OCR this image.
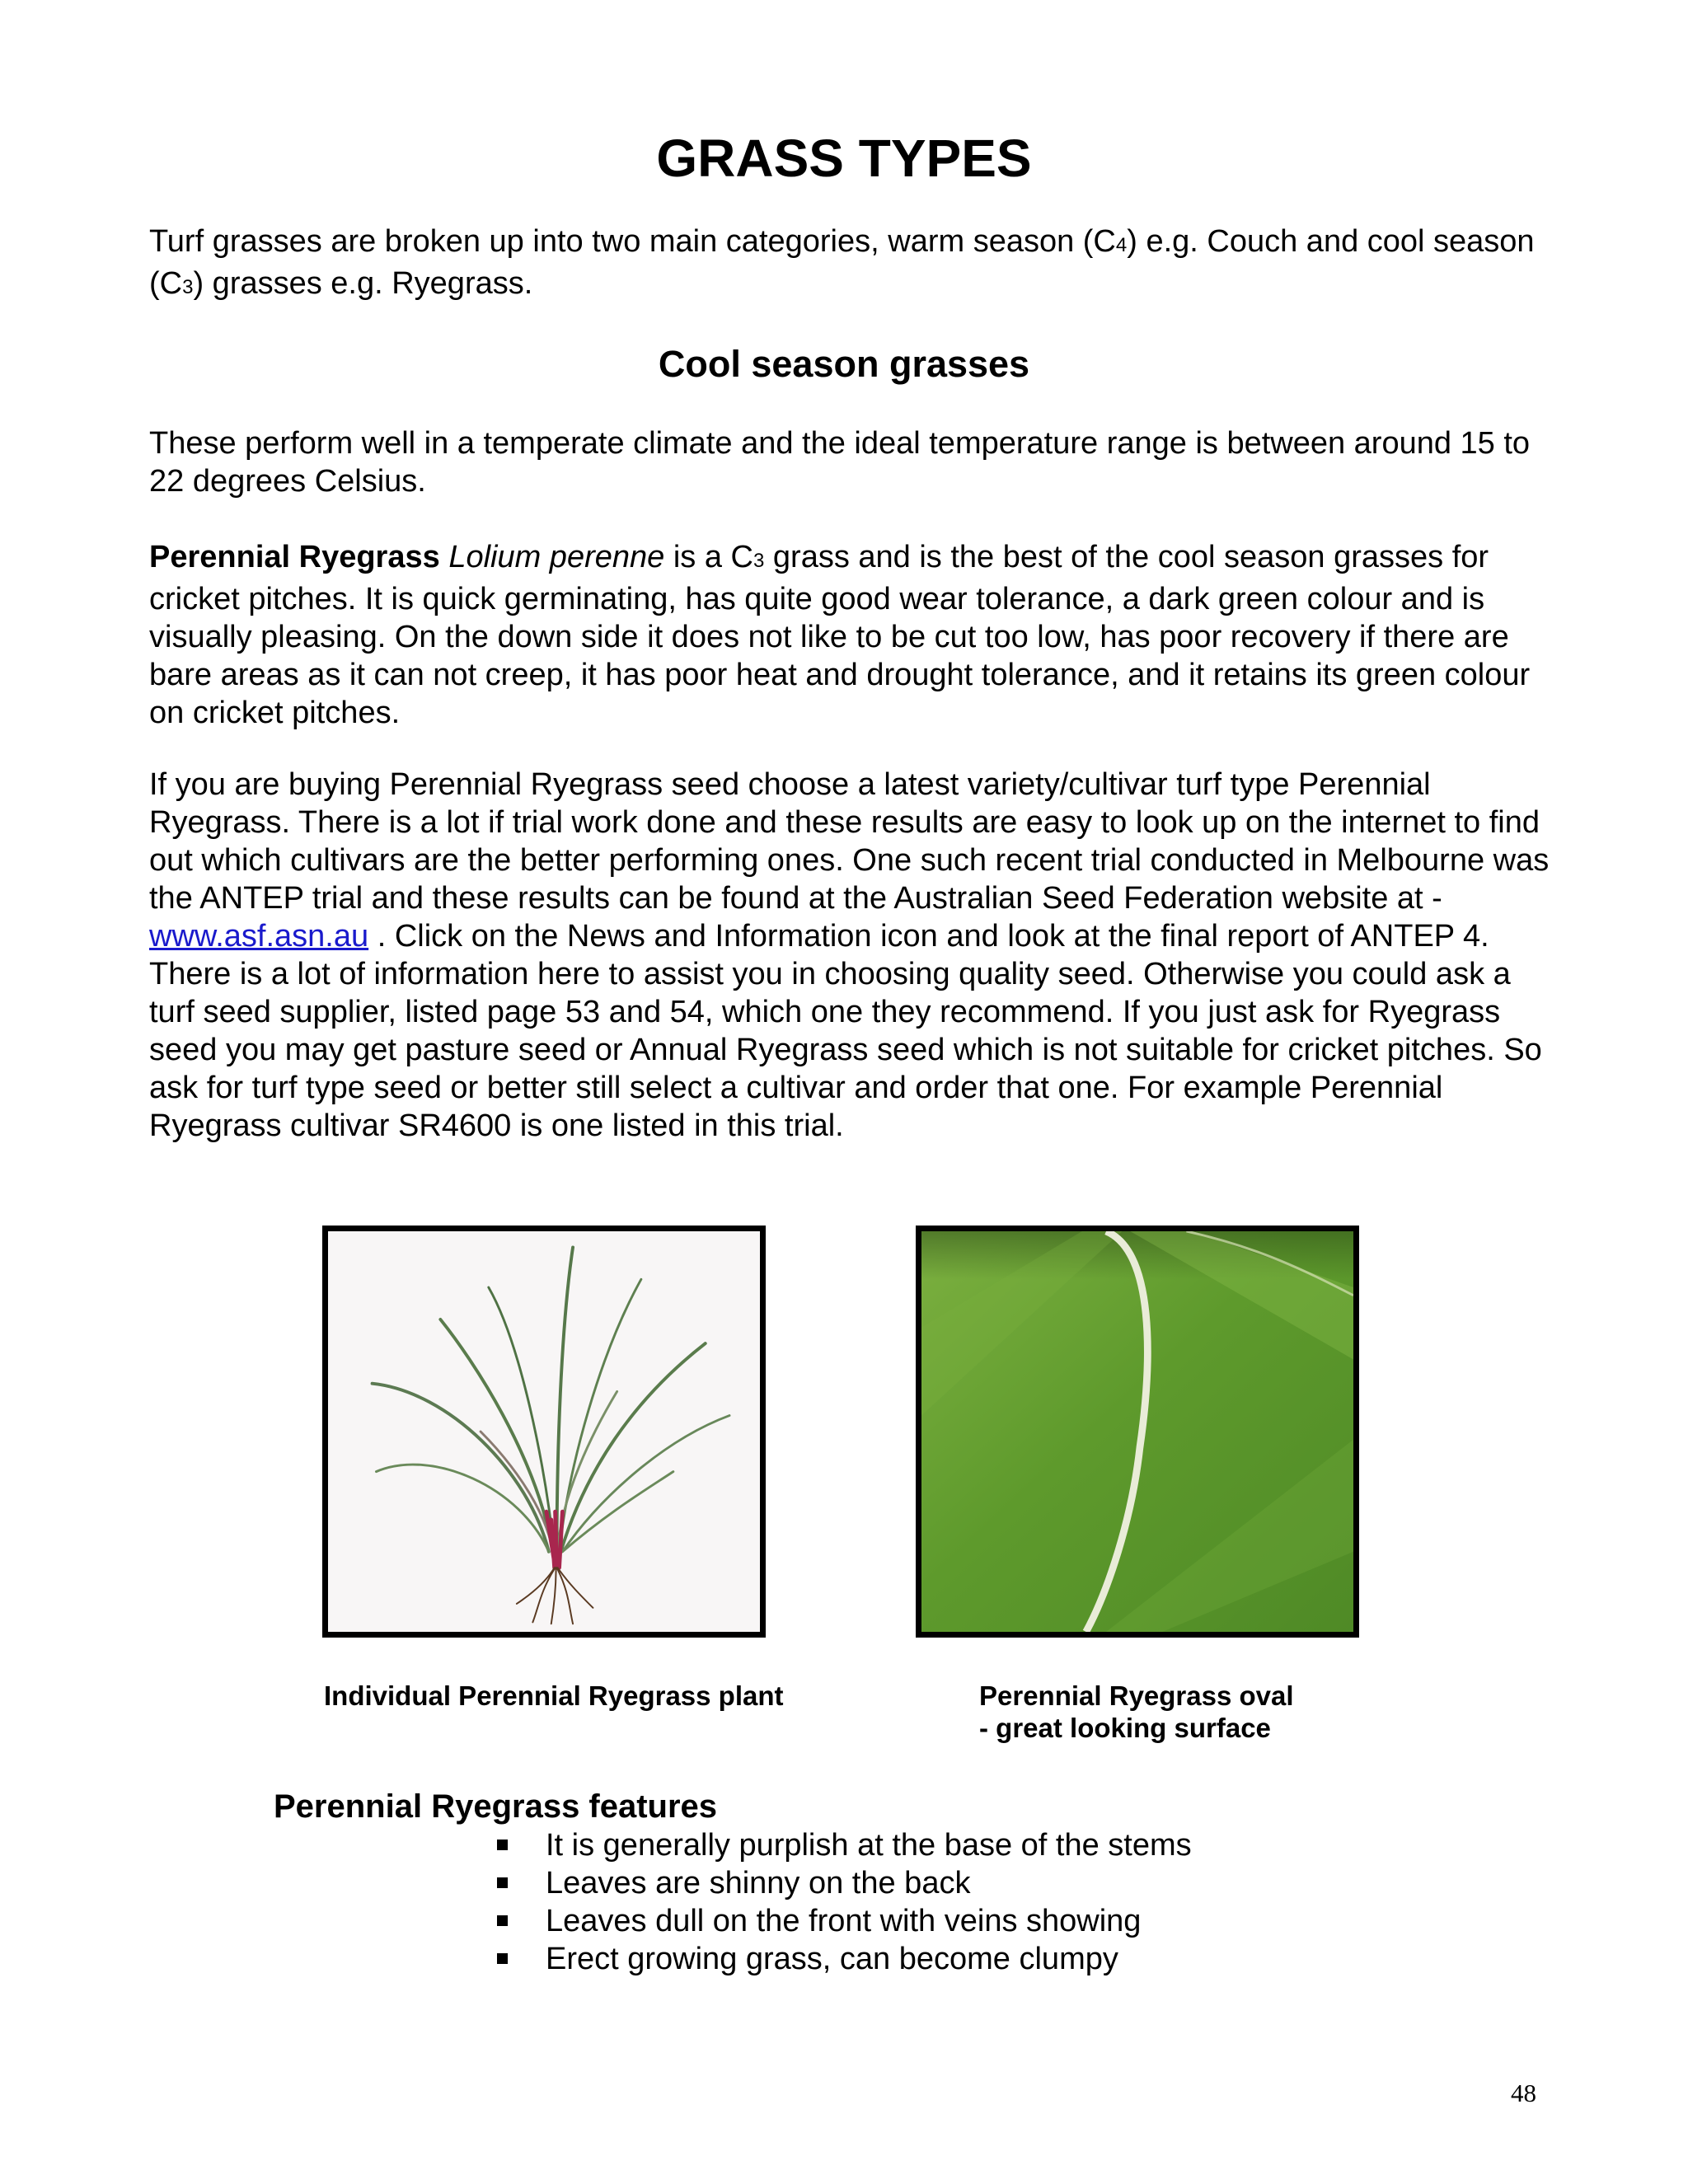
GRASS TYPES

Turf grasses are broken up into two main categories, warm season (C4) e.g. Couch and cool season (C3) grasses e.g. Ryegrass.

Cool season grasses

These perform well in a temperate climate and the ideal temperature range is between around 15 to 22 degrees Celsius.

Perennial Ryegrass Lolium perenne is a C3 grass and is the best of the cool season grasses for cricket pitches. It is quick germinating, has quite good wear tolerance, a dark green colour and is visually pleasing. On the down side it does not like to be cut too low, has poor recovery if there are bare areas as it can not creep, it has poor heat and drought tolerance, and it retains its green colour on cricket pitches.

If you are buying Perennial Ryegrass seed choose a latest variety/cultivar turf type Perennial Ryegrass. There is a lot if trial work done and these results are easy to look up on the internet to find out which cultivars are the better performing ones. One such recent trial conducted in Melbourne was the ANTEP trial and these results can be found at the Australian Seed Federation website at - www.asf.asn.au . Click on the News and Information icon and look at the final report of ANTEP 4. There is a lot of information here to assist you in choosing quality seed. Otherwise you could ask a turf seed supplier, listed page 53 and 54, which one they recommend. If you just ask for Ryegrass seed you may get pasture seed or Annual Ryegrass seed which is not suitable for cricket pitches. So ask for turf type seed or better still select a cultivar and order that one. For example Perennial Ryegrass cultivar SR4600 is one listed in this trial.

Individual Perennial Ryegrass plant	Perennial Ryegrass oval
- great looking surface
Perennial Ryegrass features
It is generally purplish at the base of the stems
Leaves are shinny on the back
Leaves dull on the front with veins showing
Erect growing grass, can become clumpy
48
